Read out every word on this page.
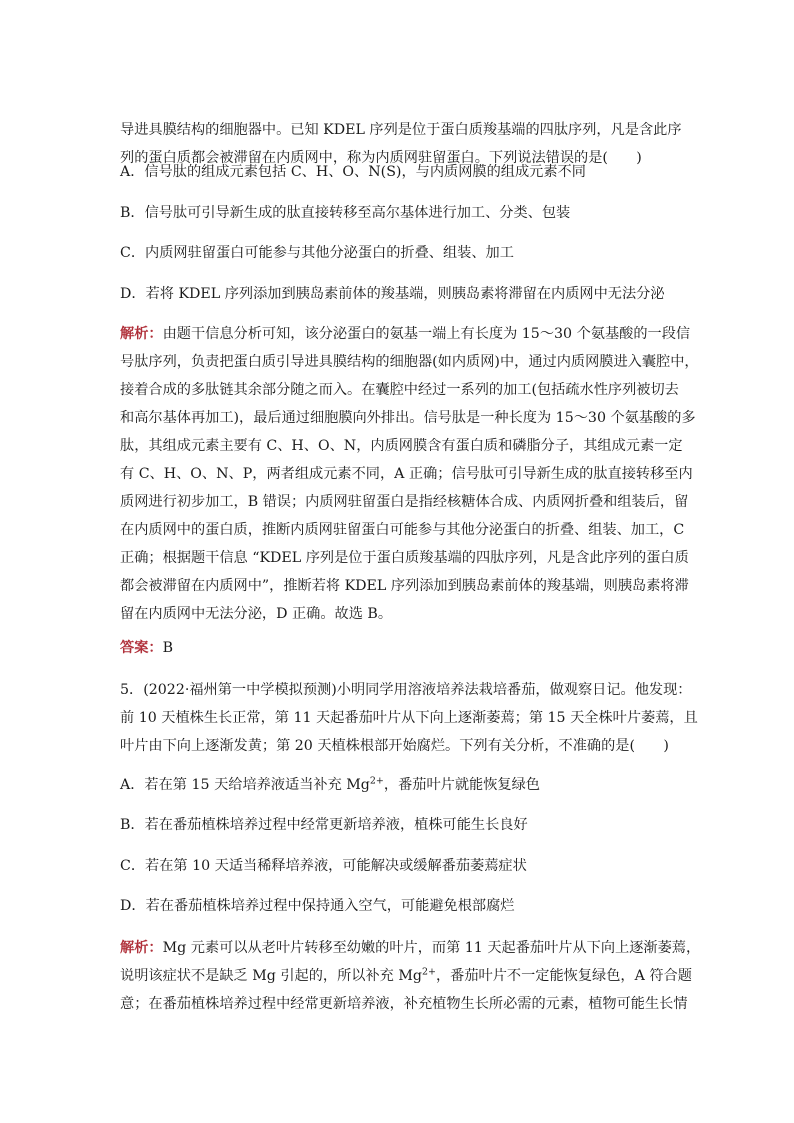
导进具膜结构的细胞器中。已知 KDEL 序列是位于蛋白质羧基端的四肽序列，凡是含此序
列的蛋白质都会被滞留在内质网中，称为内质网驻留蛋白。下列说法错误的是(　　)
A．信号肽的组成元素包括 C、H、O、N(S)，与内质网膜的组成元素不同
B．信号肽可引导新生成的肽直接转移至高尔基体进行加工、分类、包装
C．内质网驻留蛋白可能参与其他分泌蛋白的折叠、组装、加工
D．若将 KDEL 序列添加到胰岛素前体的羧基端，则胰岛素将滞留在内质网中无法分泌
解析：由题干信息分析可知，该分泌蛋白的氨基一端上有长度为 15～30 个氨基酸的一段信
号肽序列，负责把蛋白质引导进具膜结构的细胞器(如内质网)中，通过内质网膜进入囊腔中，
接着合成的多肽链其余部分随之而入。在囊腔中经过一系列的加工(包括疏水性序列被切去
和高尔基体再加工)，最后通过细胞膜向外排出。信号肽是一种长度为 15～30 个氨基酸的多
肽，其组成元素主要有 C、H、O、N，内质网膜含有蛋白质和磷脂分子，其组成元素一定
有 C、H、O、N、P，两者组成元素不同，A 正确；信号肽可引导新生成的肽直接转移至内
质网进行初步加工，B 错误；内质网驻留蛋白是指经核糖体合成、内质网折叠和组装后，留
在内质网中的蛋白质，推断内质网驻留蛋白可能参与其他分泌蛋白的折叠、组装、加工，C
正确；根据题干信息 “KDEL 序列是位于蛋白质羧基端的四肽序列，凡是含此序列的蛋白质
都会被滞留在内质网中”，推断若将 KDEL 序列添加到胰岛素前体的羧基端，则胰岛素将滞
留在内质网中无法分泌，D 正确。故选 B。
答案：B
5．(2022·福州第一中学模拟预测)小明同学用溶液培养法栽培番茄，做观察日记。他发现：
前 10 天植株生长正常，第 11 天起番茄叶片从下向上逐渐萎蔫；第 15 天全株叶片萎蔫，且
叶片由下向上逐渐发黄；第 20 天植株根部开始腐烂。下列有关分析，不准确的是(　　)
A．若在第 15 天给培养液适当补充 $Mg^{2+}$，番茄叶片就能恢复绿色
B．若在番茄植株培养过程中经常更新培养液，植株可能生长良好
C．若在第 10 天适当稀释培养液，可能解决或缓解番茄萎蔫症状
D．若在番茄植株培养过程中保持通入空气，可能避免根部腐烂
解析：Mg 元素可以从老叶片转移至幼嫩的叶片，而第 11 天起番茄叶片从下向上逐渐萎蔫，
说明该症状不是缺乏 Mg 引起的，所以补充 $Mg^{2+}$，番茄叶片不一定能恢复绿色，A 符合题
意；在番茄植株培养过程中经常更新培养液，补充植物生长所必需的元素，植物可能生长情
